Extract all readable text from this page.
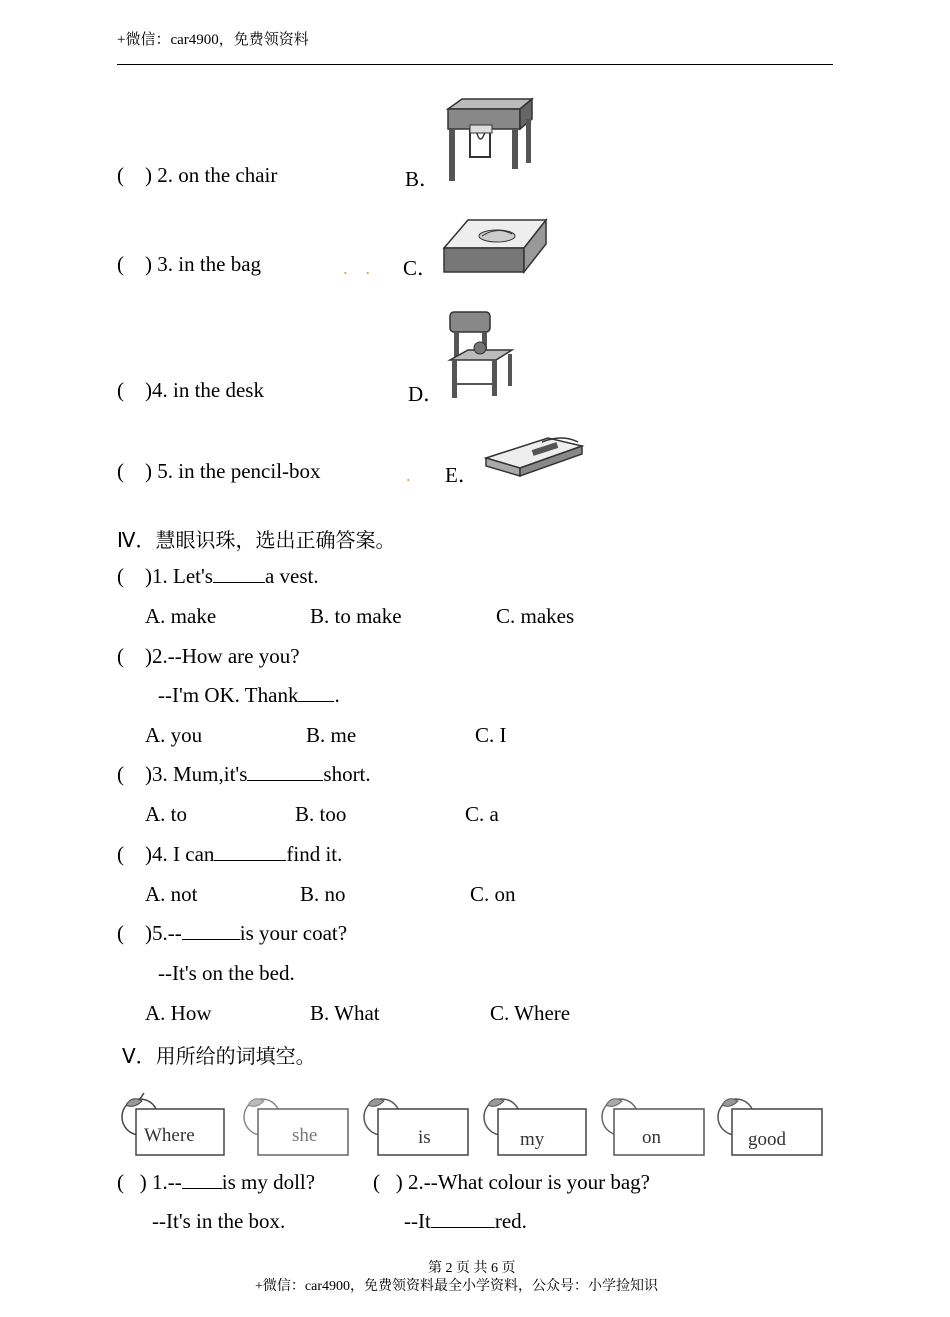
+微信：car4900，免费领资料
( ) 2. on the chair	B．
( ) 3. in the bag	.    . C．
( )4. in the desk	D．
( ) 5. in the pencil-box	. E．
Ⅳ．慧眼识珠，选出正确答案。
( )1. Let's a vest.
A. make	B. to make	C. makes
( )2.--How are you?
--I'm OK. Thank .
A. you	B. me	C. I
( )3. Mum,it's	short.
A. to	B. too	C. a
( )4. I can	find it.
A. not	B. no	C. on
( )5.--	is your coat?
--It's on the bed.
A. How	B. What	C. Where
Ⅴ．用所给的词填空。
Where	she	is	my	on	good
( ) 1.-- is my doll?	( ) 2.--What colour is your bag?
--It's in the box.	--It	red.
第 2 页 共 6 页
+微信：car4900，免费领资料最全小学资料，公众号：小学捡知识
